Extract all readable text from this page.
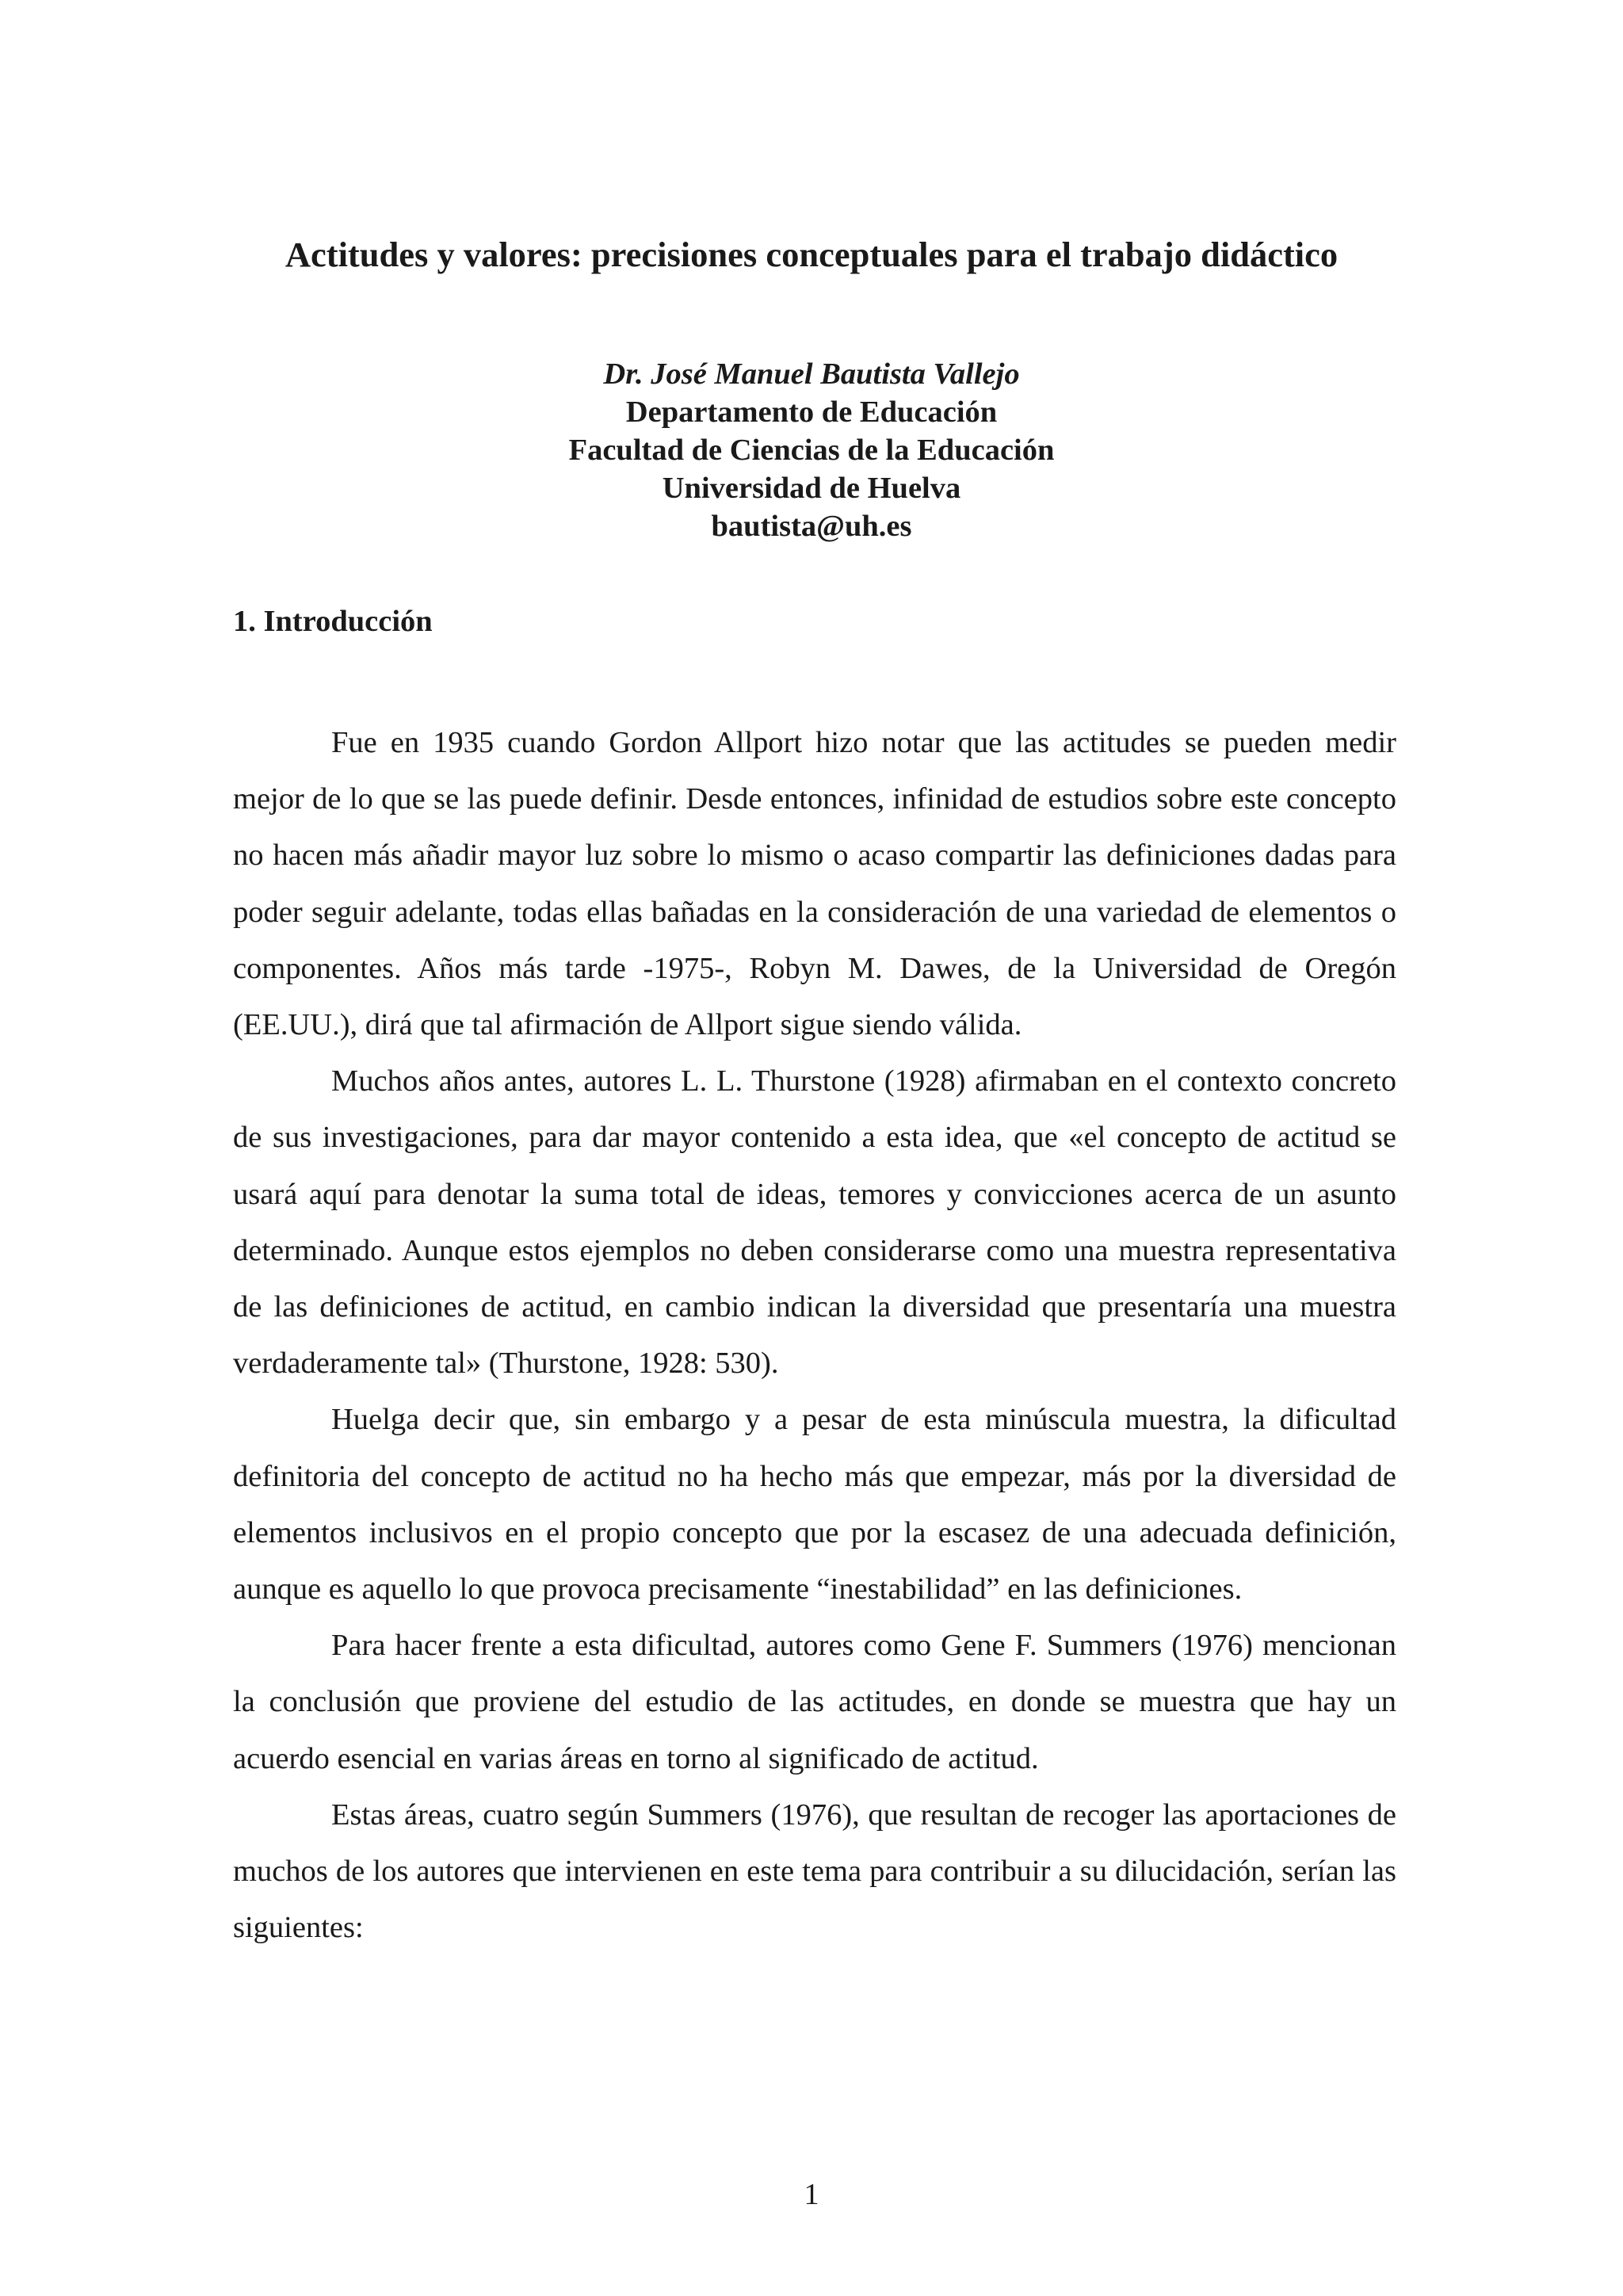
Actitudes y valores: precisiones conceptuales para el trabajo didáctico
Dr. José Manuel Bautista Vallejo
Departamento de Educación
Facultad de Ciencias de la Educación
Universidad de Huelva
bautista@uh.es
1. Introducción

Fue en 1935 cuando Gordon Allport hizo notar que las actitudes se pueden medir mejor de lo que se las puede definir. Desde entonces, infinidad de estudios sobre este concepto no hacen más añadir mayor luz sobre lo mismo o acaso compartir las definiciones dadas para poder seguir adelante, todas ellas bañadas en la consideración de una variedad de elementos o componentes. Años más tarde -1975-, Robyn M. Dawes, de la Universidad de Oregón (EE.UU.), dirá que tal afirmación de Allport sigue siendo válida.

Muchos años antes, autores L. L. Thurstone (1928) afirmaban en el contexto concreto de sus investigaciones, para dar mayor contenido a esta idea, que «el concepto de actitud se usará aquí para denotar la suma total de ideas, temores y convicciones acerca de un asunto determinado. Aunque estos ejemplos no deben considerarse como una muestra representativa de las definiciones de actitud, en cambio indican la diversidad que presentaría una muestra verdaderamente tal» (Thurstone, 1928: 530).

Huelga decir que, sin embargo y a pesar de esta minúscula muestra, la dificultad definitoria del concepto de actitud no ha hecho más que empezar, más por la diversidad de elementos inclusivos en el propio concepto que por la escasez de una adecuada definición, aunque es aquello lo que provoca precisamente “inestabilidad” en las definiciones.

Para hacer frente a esta dificultad, autores como Gene F. Summers (1976) mencionan la conclusión que proviene del estudio de las actitudes, en donde se muestra que hay un acuerdo esencial en varias áreas en torno al significado de actitud.

Estas áreas, cuatro según Summers (1976), que resultan de recoger las aportaciones de muchos de los autores que intervienen en este tema para contribuir a su dilucidación, serían las siguientes:

1
